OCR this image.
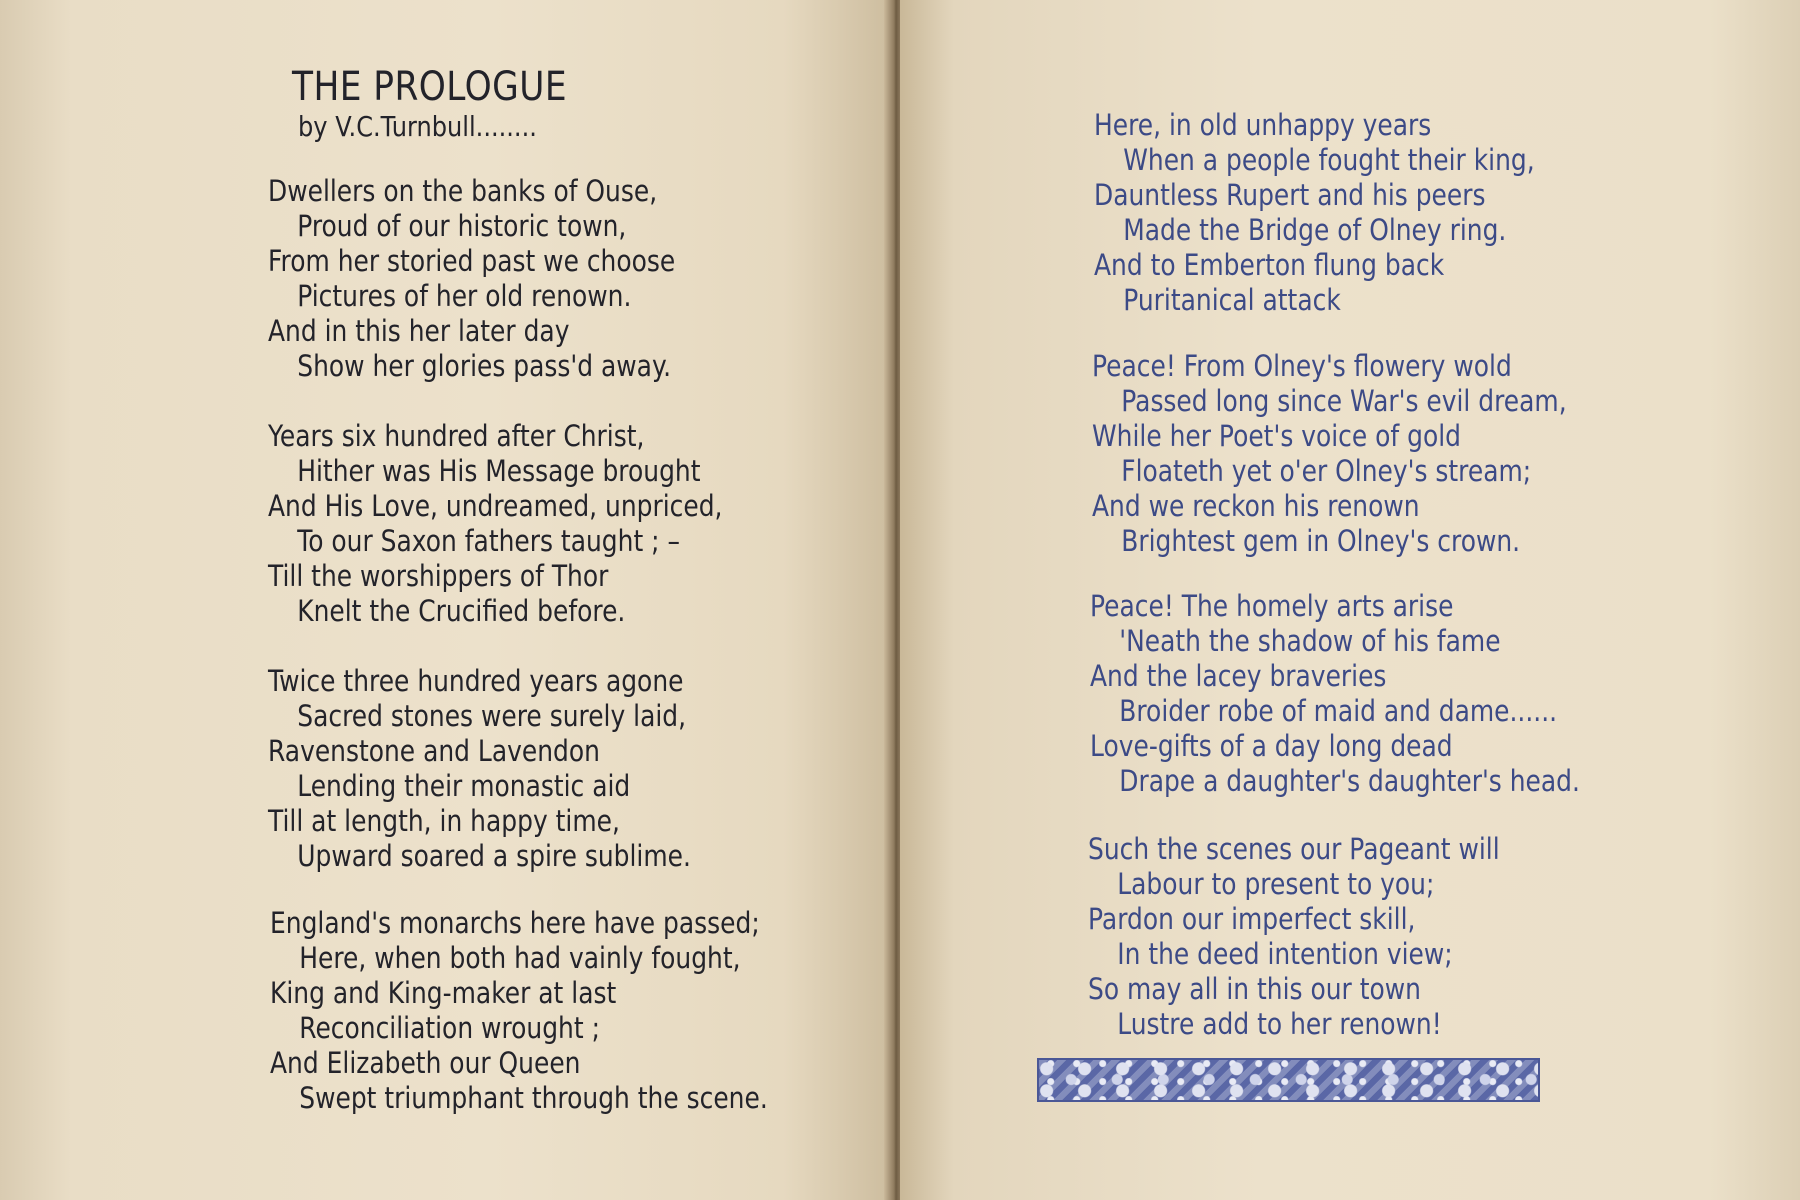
THE PROLOGUE
by V.C.Turnbull........
Dwellers on the banks of Ouse,
Proud of our historic town,
From her storied past we choose
Pictures of her old renown.
And in this her later day
Show her glories pass'd away.
Years six hundred after Christ,
Hither was His Message brought
And His Love, undreamed, unpriced,
To our Saxon fathers taught ; –
Till the worshippers of Thor
Knelt the Crucified before.
Twice three hundred years agone
Sacred stones were surely laid,
Ravenstone and Lavendon
Lending their monastic aid
Till at length, in happy time,
Upward soared a spire sublime.
England's monarchs here have passed;
Here, when both had vainly fought,
King and King-maker at last
Reconciliation wrought ;
And Elizabeth our Queen
Swept triumphant through the scene.
Here, in old unhappy years
When a people fought their king,
Dauntless Rupert and his peers
Made the Bridge of Olney ring.
And to Emberton flung back
Puritanical attack
Peace! From Olney's flowery wold
Passed long since War's evil dream,
While her Poet's voice of gold
Floateth yet o'er Olney's stream;
And we reckon his renown
Brightest gem in Olney's crown.
Peace! The homely arts arise
'Neath the shadow of his fame
And the lacey braveries
Broider robe of maid and dame......
Love-gifts of a day long dead
Drape a daughter's daughter's head.
Such the scenes our Pageant will
Labour to present to you;
Pardon our imperfect skill,
In the deed intention view;
So may all in this our town
Lustre add to her renown!
